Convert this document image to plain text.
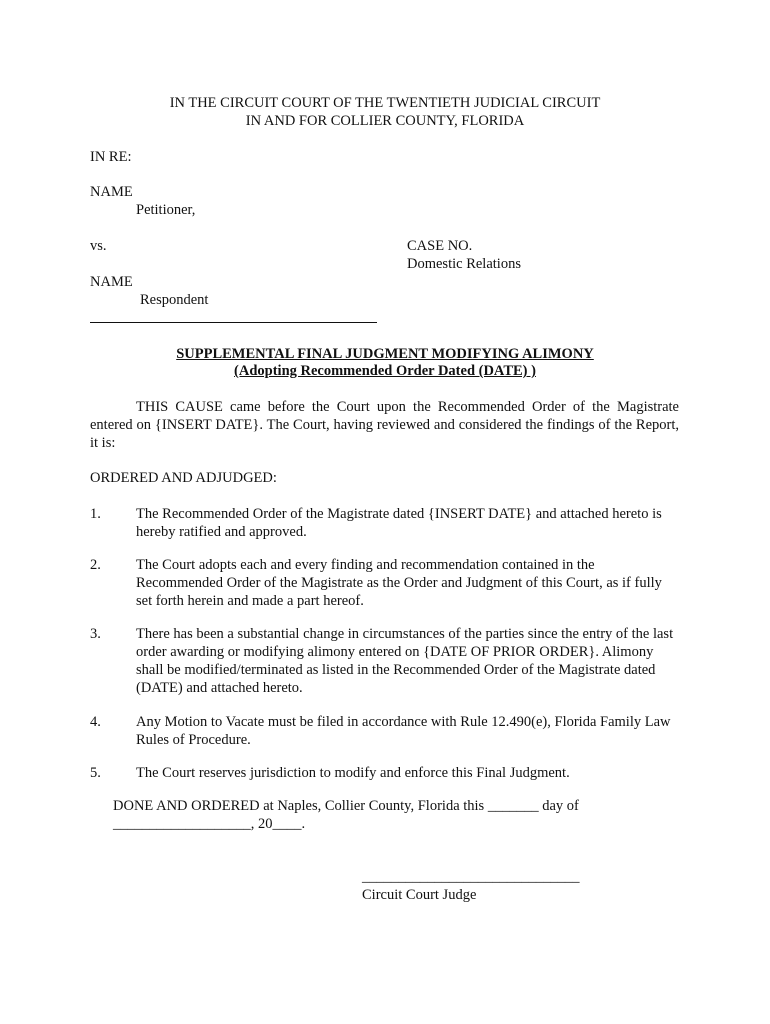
IN THE CIRCUIT COURT OF THE TWENTIETH JUDICIAL CIRCUIT
IN AND FOR COLLIER COUNTY, FLORIDA
IN RE:
NAME
Petitioner,
vs.	CASE NO.
Domestic Relations
NAME
Respondent
SUPPLEMENTAL FINAL JUDGMENT MODIFYING ALIMONY
(Adopting Recommended Order Dated (DATE) )
THIS CAUSE came before the Court upon the Recommended Order of the Magistrate entered on {INSERT DATE}. The Court, having reviewed and considered the findings of the Report, it is:
ORDERED AND ADJUDGED:
1. The Recommended Order of the Magistrate dated {INSERT DATE} and attached hereto is hereby ratified and approved.
2. The Court adopts each and every finding and recommendation contained in the Recommended Order of the Magistrate as the Order and Judgment of this Court, as if fully set forth herein and made a part hereof.
3. There has been a substantial change in circumstances of the parties since the entry of the last order awarding or modifying alimony entered on {DATE OF PRIOR ORDER}. Alimony shall be modified/terminated as listed in the Recommended Order of the Magistrate dated (DATE) and attached hereto.
4. Any Motion to Vacate must be filed in accordance with Rule 12.490(e), Florida Family Law Rules of Procedure.
5. The Court reserves jurisdiction to modify and enforce this Final Judgment.
DONE AND ORDERED at Naples, Collier County, Florida this _______ day of
___________________, 20____.
______________________________
Circuit Court Judge
